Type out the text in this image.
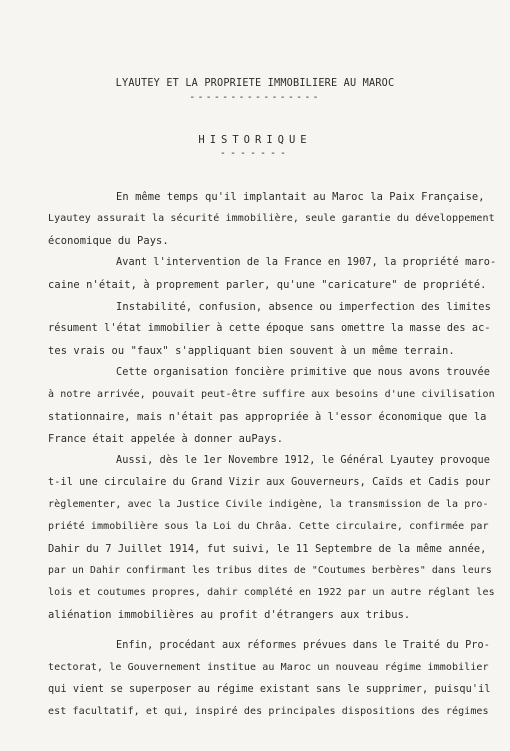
LYAUTEY ET LA PROPRIETE IMMOBILIERE AU MAROC
----------------
HISTORIQUE
-------
En même temps qu'il implantait au Maroc la Paix Française,
Lyautey assurait la sécurité immobilière, seule garantie du développement
économique du Pays.
Avant l'intervention de la France en 1907, la propriété maro-
caine n'était, à proprement parler, qu'une "caricature" de propriété.
Instabilité, confusion, absence ou imperfection des limites
résument l'état immobilier à cette époque sans omettre la masse des ac-
tes vrais ou "faux" s'appliquant bien souvent à un même terrain.
Cette organisation foncière primitive que nous avons trouvée
à notre arrivée, pouvait peut-être suffire aux besoins d'une civilisation
stationnaire, mais n'était pas appropriée à l'essor économique que la
France était appelée à donner auPays.
Aussi, dès le 1er Novembre 1912, le Général Lyautey provoque
t-il une circulaire du Grand Vizir aux Gouverneurs, Caïds et Cadis pour
règlementer, avec la Justice Civile indigène, la transmission de la pro-
priété immobilière sous la Loi du Chrâa. Cette circulaire, confirmée par
Dahir du 7 Juillet 1914, fut suivi, le 11 Septembre de la même année,
par un Dahir confirmant les tribus dites de "Coutumes berbères" dans leurs
lois et coutumes propres, dahir complété en 1922 par un autre réglant les
aliénation immobilières au profit d'étrangers aux tribus.
Enfin, procédant aux réformes prévues dans le Traité du Pro-
tectorat, le Gouvernement institue au Maroc un nouveau régime immobilier
qui vient se superposer au régime existant sans le supprimer, puisqu'il
est facultatif, et qui, inspiré des principales dispositions des régimes
